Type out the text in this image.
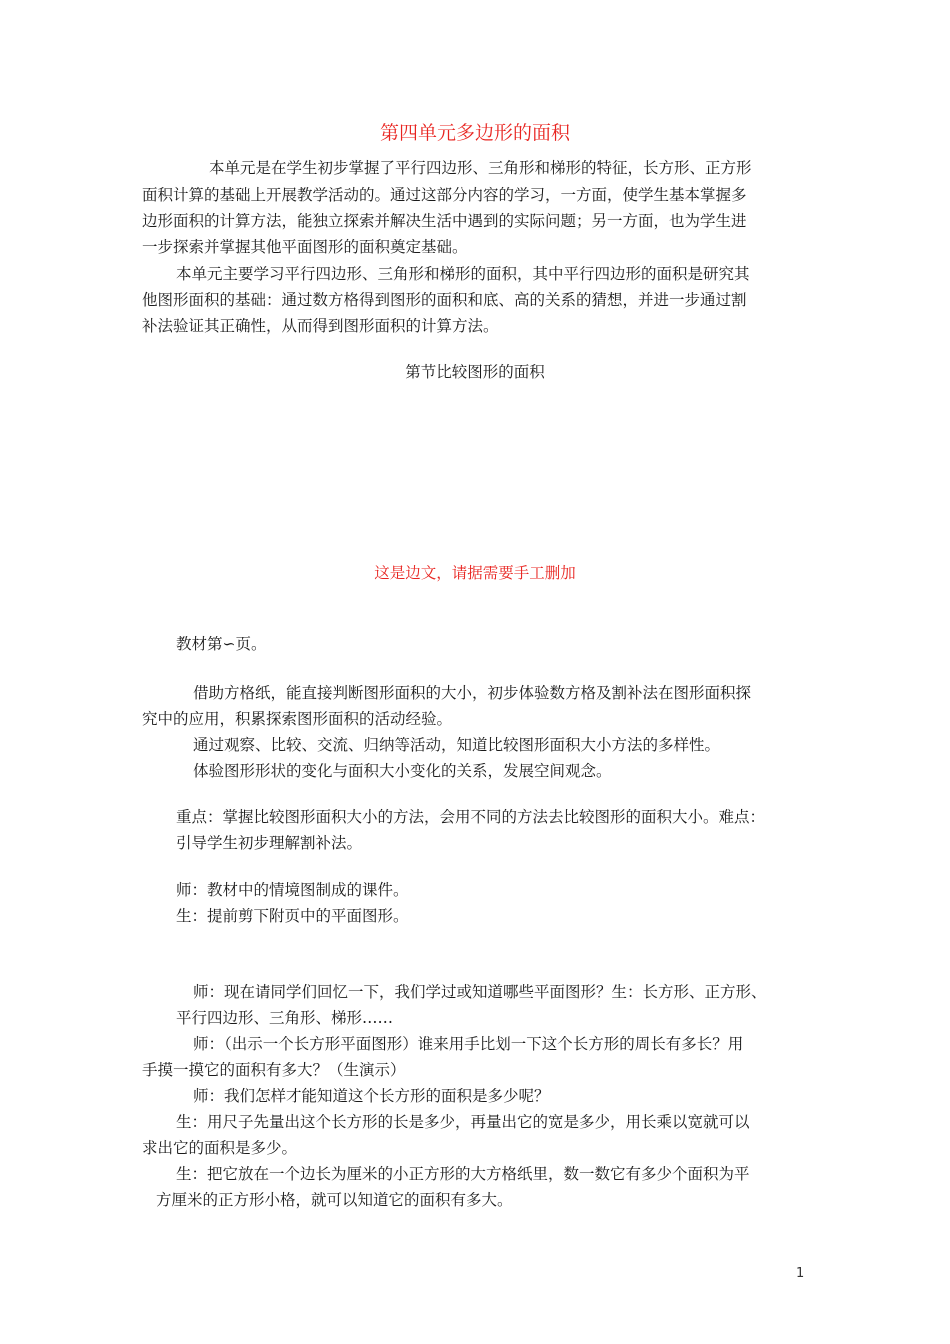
第四单元多边形的面积
本单元是在学生初步掌握了平行四边形、三角形和梯形的特征，长方形、正方形
面积计算的基础上开展教学活动的。通过这部分内容的学习，一方面，使学生基本掌握多
边形面积的计算方法，能独立探索并解决生活中遇到的实际问题；另一方面，也为学生进
一步探索并掌握其他平面图形的面积奠定基础。
本单元主要学习平行四边形、三角形和梯形的面积，其中平行四边形的面积是研究其
他图形面积的基础：通过数方格得到图形的面积和底、高的关系的猜想，并进一步通过割
补法验证其正确性，从而得到图形面积的计算方法。
第节比较图形的面积
这是边文，请据需要手工删加
教材第∽页。
借助方格纸，能直接判断图形面积的大小，初步体验数方格及割补法在图形面积探
究中的应用，积累探索图形面积的活动经验。
通过观察、比较、交流、归纳等活动，知道比较图形面积大小方法的多样性。
体验图形形状的变化与面积大小变化的关系，发展空间观念。
重点：掌握比较图形面积大小的方法，会用不同的方法去比较图形的面积大小。难点：
引导学生初步理解割补法。
师：教材中的情境图制成的课件。
生：提前剪下附页中的平面图形。
师：现在请同学们回忆一下，我们学过或知道哪些平面图形？生：长方形、正方形、
平行四边形、三角形、梯形……
师：（出示一个长方形平面图形）谁来用手比划一下这个长方形的周长有多长？用
手摸一摸它的面积有多大？（生演示）
师：我们怎样才能知道这个长方形的面积是多少呢？
生：用尺子先量出这个长方形的长是多少，再量出它的宽是多少，用长乘以宽就可以
求出它的面积是多少。
生：把它放在一个边长为厘米的小正方形的大方格纸里，数一数它有多少个面积为平
方厘米的正方形小格，就可以知道它的面积有多大。
1
